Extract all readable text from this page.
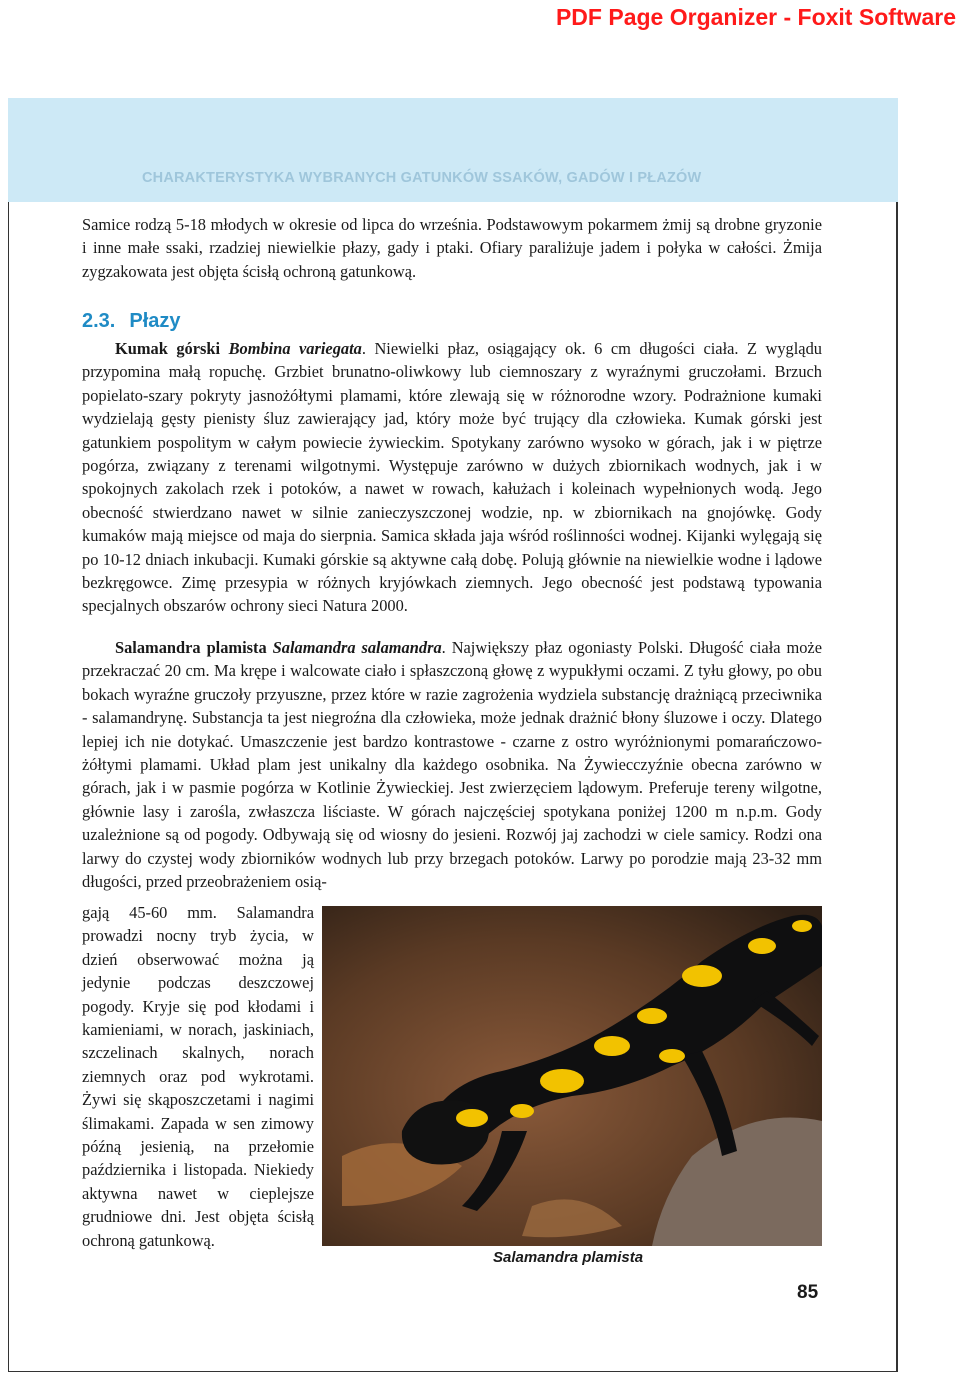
PDF Page Organizer - Foxit Software
CHARAKTERYSTYKA WYBRANYCH GATUNKÓW SSAKÓW, GADÓW I PŁAZÓW
Samice rodzą 5-18 młodych w okresie od lipca do września. Podstawowym pokarmem żmij są drobne gryzonie i inne małe ssaki, rzadziej niewielkie płazy, gady i ptaki. Ofiary paraliżuje jadem i połyka w całości. Żmija zygzakowata jest objęta ścisłą ochroną gatunkową.
2.3. Płazy
Kumak górski Bombina variegata. Niewielki płaz, osiągający ok. 6 cm długości ciała. Z wyglądu przypomina małą ropuchę. Grzbiet brunatno-oliwkowy lub ciemnoszary z wyraźnymi gruczołami. Brzuch popielato-szary pokryty jasnożółtymi plamami, które zlewają się w różnorodne wzory. Podrażnione kumaki wydzielają gęsty pienisty śluz zawierający jad, który może być trujący dla człowieka. Kumak górski jest gatunkiem pospolitym w całym powiecie żywieckim. Spotykany zarówno wysoko w górach, jak i w piętrze pogórza, związany z terenami wilgotnymi. Występuje zarówno w dużych zbiornikach wodnych, jak i w spokojnych zakolach rzek i potoków, a nawet w rowach, kałużach i koleinach wypełnionych wodą. Jego obecność stwierdzano nawet w silnie zanieczyszczonej wodzie, np. w zbiornikach na gnojówkę. Gody kumaków mają miejsce od maja do sierpnia. Samica składa jaja wśród roślinności wodnej. Kijanki wylęgają się po 10-12 dniach inkubacji. Kumaki górskie są aktywne całą dobę. Polują głównie na niewielkie wodne i lądowe bezkręgowce. Zimę przesypia w różnych kryjówkach ziemnych. Jego obecność jest podstawą typowania specjalnych obszarów ochrony sieci Natura 2000.
Salamandra plamista Salamandra salamandra. Największy płaz ogoniasty Polski. Długość ciała może przekraczać 20 cm. Ma krępe i walcowate ciało i spłaszczoną głowę z wypukłymi oczami. Z tyłu głowy, po obu bokach wyraźne gruczoły przyuszne, przez które w razie zagrożenia wydziela substancję drażniącą przeciwnika - salamandrynę. Substancja ta jest niegroźna dla człowieka, może jednak drażnić błony śluzowe i oczy. Dlatego lepiej ich nie dotykać. Umaszczenie jest bardzo kontrastowe - czarne z ostro wyróżnionymi pomarańczowo-żółtymi plamami. Układ plam jest unikalny dla każdego osobnika. Na Żywiecczyźnie obecna zarówno w górach, jak i w pasmie pogórza w Kotlinie Żywieckiej. Jest zwierzęciem lądowym. Preferuje tereny wilgotne, głównie lasy i zarośla, zwłaszcza liściaste. W górach najczęściej spotykana poniżej 1200 m n.p.m. Gody uzależnione są od pogody. Odbywają się od wiosny do jesieni. Rozwój jaj zachodzi w ciele samicy. Rodzi ona larwy do czystej wody zbiorników wodnych lub przy brzegach potoków. Larwy po porodzie mają 23-32 mm długości, przed przeobrażeniem osią-
gają 45-60 mm. Salamandra prowadzi nocny tryb życia, w dzień obserwować można ją jedynie podczas deszczowej pogody. Kryje się pod kłodami i kamieniami, w norach, jaskiniach, szczelinach skalnych, norach ziemnych oraz pod wykrotami. Żywi się skąposzczetami i nagimi ślimakami. Zapada w sen zimowy późną jesienią, na przełomie października i listopada. Niekiedy aktywna nawet w cieplejsze grudniowe dni. Jest objęta ścisłą ochroną gatunkową.
Salamandra plamista
85
